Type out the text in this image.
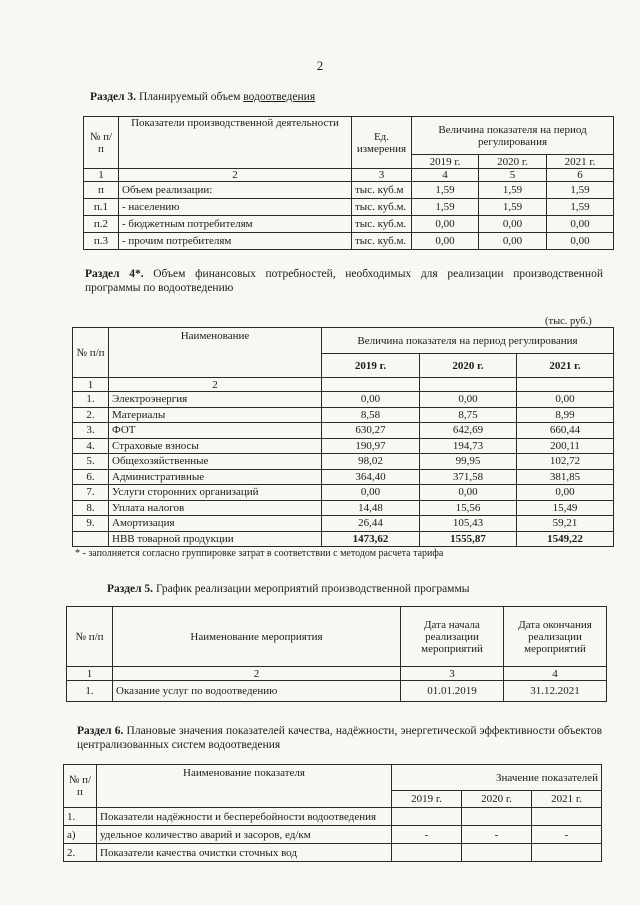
2
Раздел 3. Планируемый объем водоотведения
№ п/п	Показатели производственной деятельности	Ед. измерения	Величина показателя на период регулирования		
			2019 г.	2020 г.	2021 г.
1	2	3	4	5	6
п	Объем реализации:	тыс. куб.м	1,59	1,59	1,59
п.1	- населению	тыс. куб.м.	1,59	1,59	1,59
п.2	- бюджетным потребителям	тыс. куб.м.	0,00	0,00	0,00
п.3	- прочим потребителям	тыс. куб.м.	0,00	0,00	0,00
Раздел 4*. Объем финансовых потребностей, необходимых для реализации производственной программы по водоотведению
(тыс. руб.)
№ п/п	Наименование	Величина показателя на период регулирования		
		2019 г.	2020 г.	2021 г.
1	2			
1.	Электроэнергия	0,00	0,00	0,00
2.	Материалы	8,58	8,75	8,99
3.	ФОТ	630,27	642,69	660,44
4.	Страховые взносы	190,97	194,73	200,11
5.	Общехозяйственные	98,02	99,95	102,72
6.	Административные	364,40	371,58	381,85
7.	Услуги сторонних организаций	0,00	0,00	0,00
8.	Уплата налогов	14,48	15,56	15,49
9.	Амортизация	26,44	105,43	59,21
	НВВ товарной продукции	1473,62	1555,87	1549,22
* - заполняется согласно группировке затрат в соответствии с методом расчета тарифа
Раздел 5. График реализации мероприятий производственной программы
№ п/п	Наименование мероприятия	Дата начала реализации мероприятий	Дата окончания реализации мероприятий
1	2	3	4
1.	Оказание услуг по водоотведению	01.01.2019	31.12.2021
Раздел 6. Плановые значения показателей качества, надёжности, энергетической эффективности объектов централизованных систем водоотведения
№ п/п	Наименование показателя	Значение показателей		
		2019 г.	2020 г.	2021 г.
1.	Показатели надёжности и бесперебойности водоотведения			
а)	удельное количество аварий и засоров, ед/км	-	-	-
2.	Показатели качества очистки сточных вод			
